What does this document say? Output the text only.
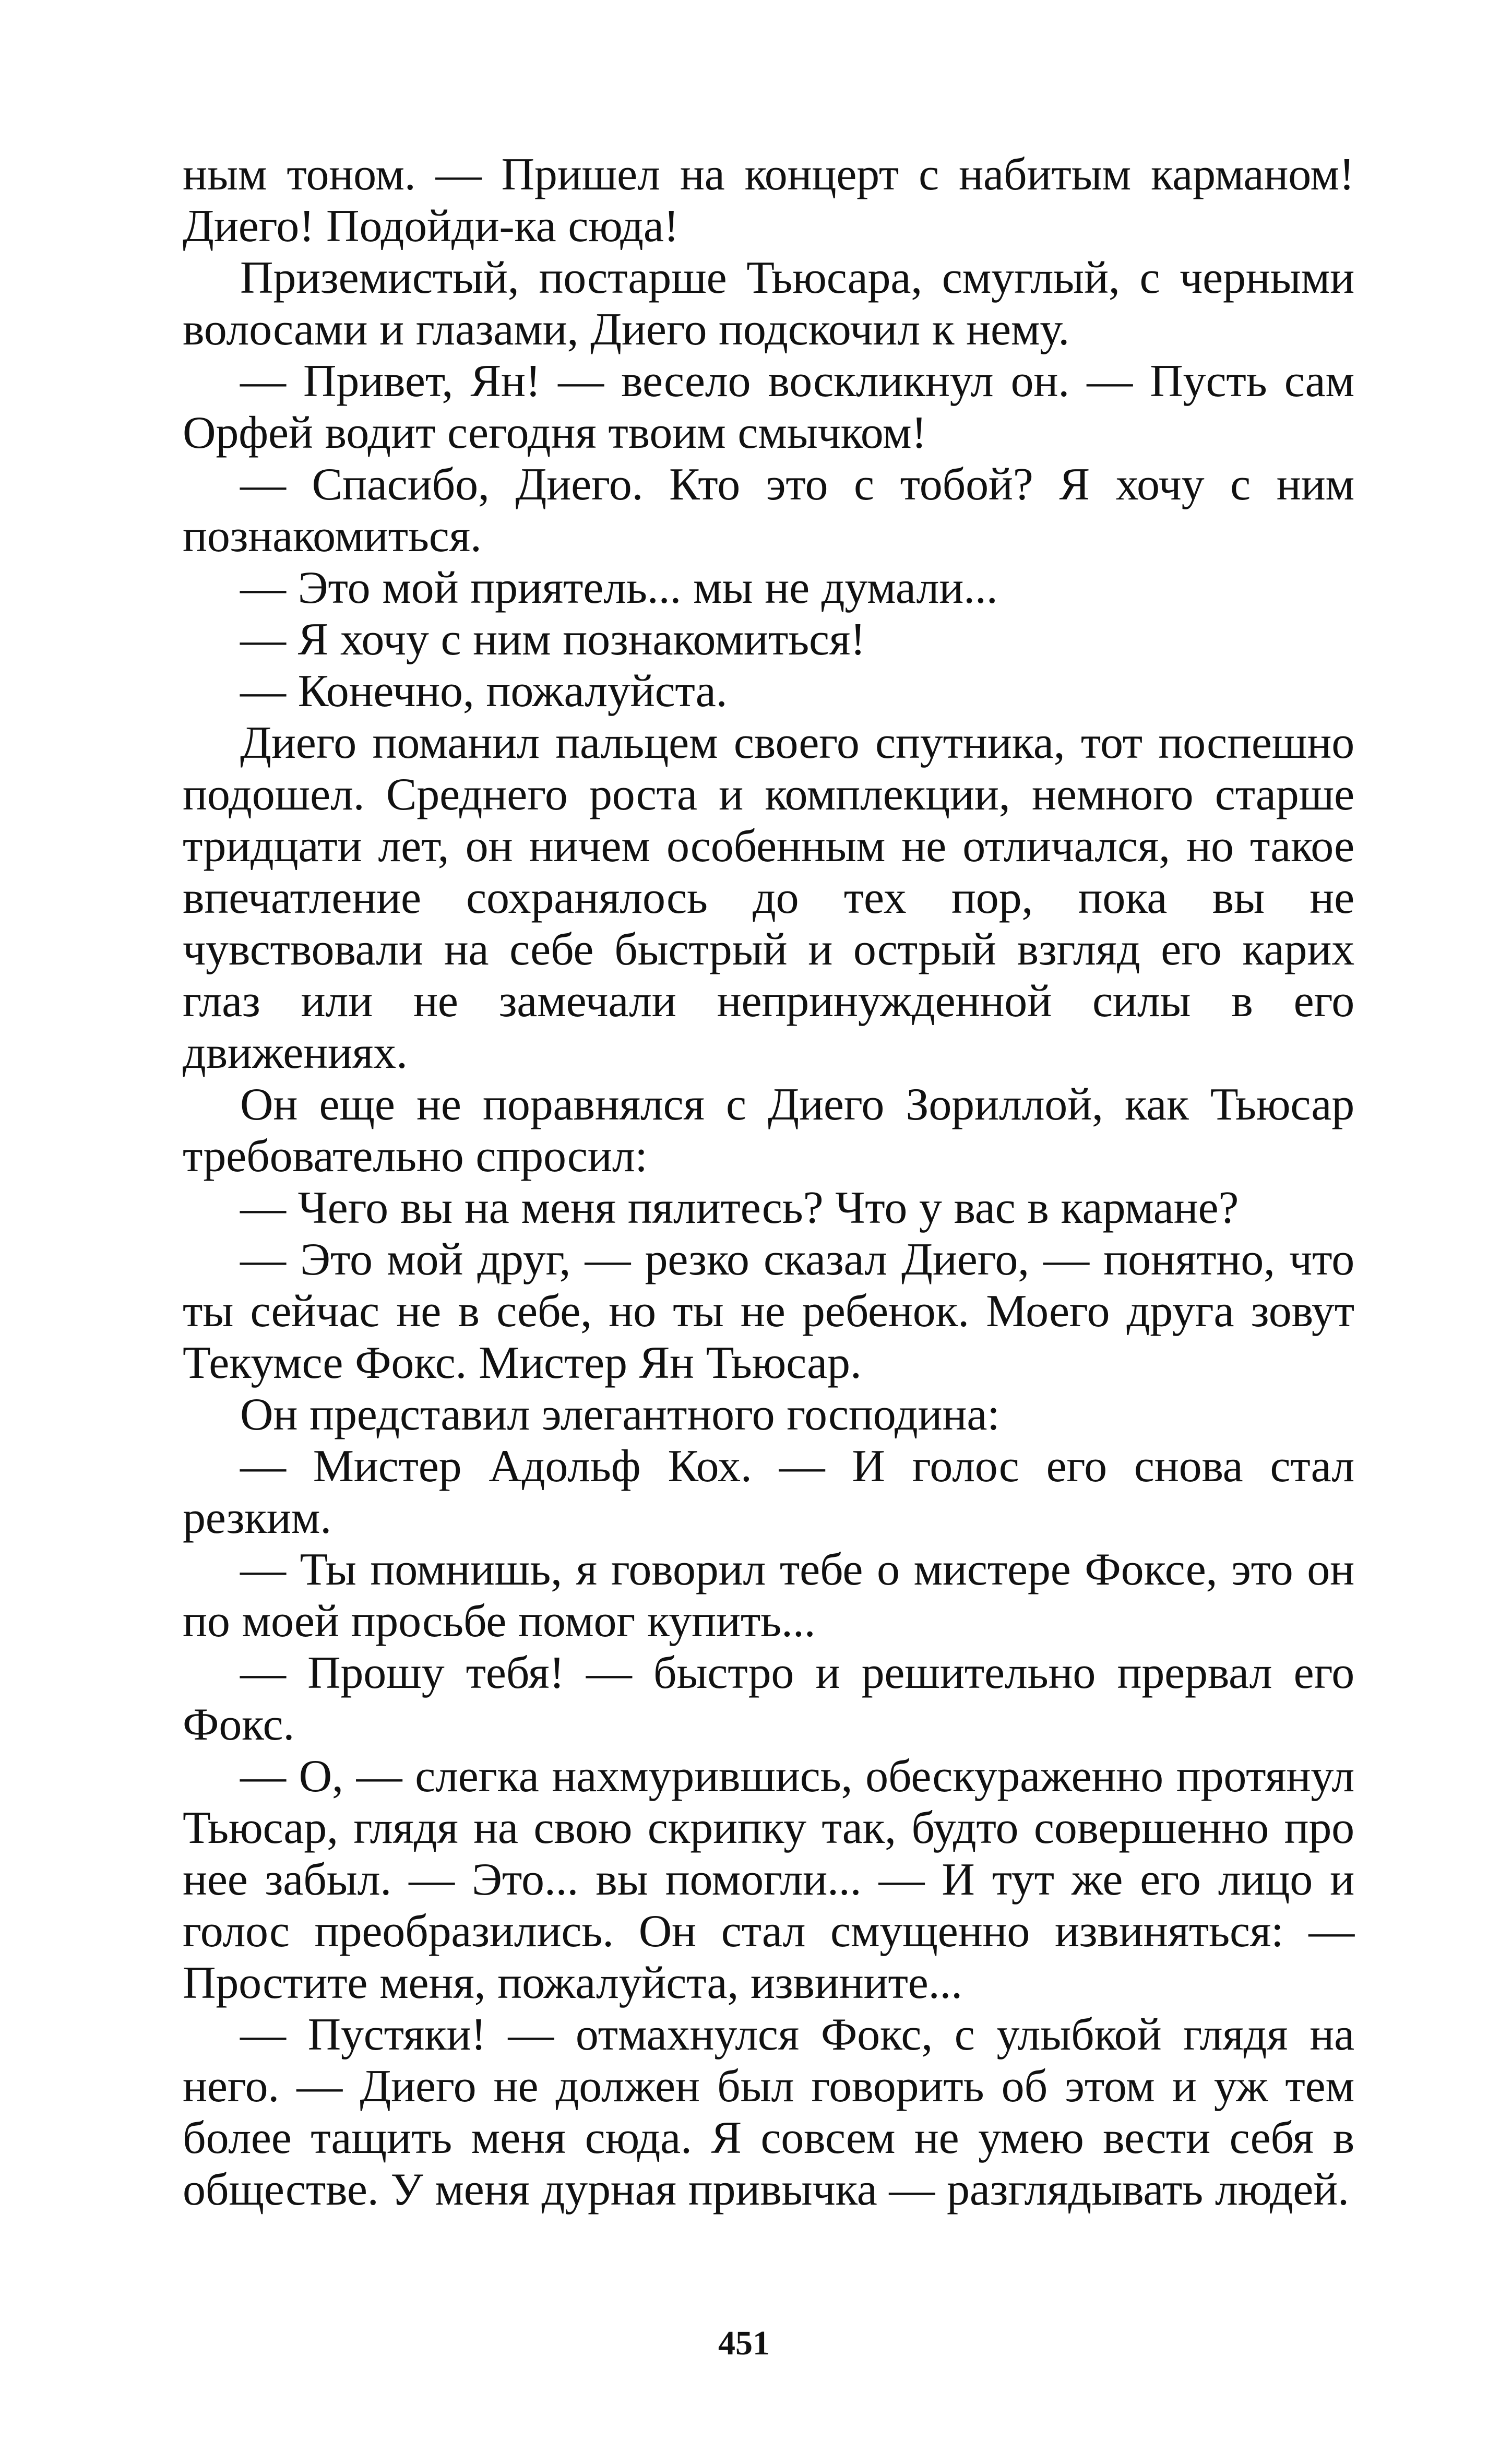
ным тоном. — Пришел на концерт с набитым карманом! Диего! Подойди-ка сюда!

Приземистый, постарше Тьюсара, смуглый, с черными волосами и глазами, Диего подскочил к нему.

— Привет, Ян! — весело воскликнул он. — Пусть сам Орфей водит сегодня твоим смычком!

— Спасибо, Диего. Кто это с тобой? Я хочу с ним познакомиться.

— Это мой приятель... мы не думали...

— Я хочу с ним познакомиться!

— Конечно, пожалуйста.

Диего поманил пальцем своего спутника, тот поспешно подошел. Среднего роста и комплекции, немного старше тридцати лет, он ничем особенным не отличался, но такое впечатление сохранялось до тех пор, пока вы не чувствовали на себе быстрый и острый взгляд его карих глаз или не замечали непринужденной силы в его движениях.

Он еще не поравнялся с Диего Зориллой, как Тьюсар требовательно спросил:

— Чего вы на меня пялитесь? Что у вас в кармане?

— Это мой друг, — резко сказал Диего, — понятно, что ты сейчас не в себе, но ты не ребенок. Моего друга зовут Текумсе Фокс. Мистер Ян Тьюсар.

Он представил элегантного господина:

— Мистер Адольф Кох. — И голос его снова стал резким.

— Ты помнишь, я говорил тебе о мистере Фоксе, это он по моей просьбе помог купить...

— Прошу тебя! — быстро и решительно прервал его Фокс.

— О, — слегка нахмурившись, обескураженно протянул Тьюсар, глядя на свою скрипку так, будто совершенно про нее забыл. — Это... вы помогли... — И тут же его лицо и голос преобразились. Он стал смущенно извиняться: — Простите меня, пожалуйста, извините...

— Пустяки! — отмахнулся Фокс, с улыбкой глядя на него. — Диего не должен был говорить об этом и уж тем более тащить меня сюда. Я совсем не умею вести себя в обществе. У меня дурная привычка — разглядывать людей.

451
